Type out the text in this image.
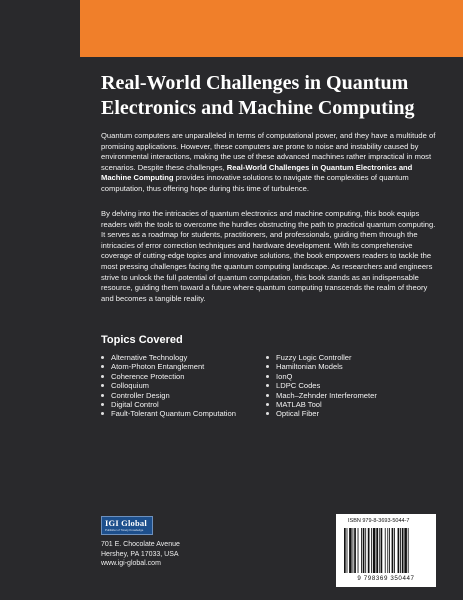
Real-World Challenges in Quantum
Electronics and Machine Computing

Quantum computers are unparalleled in terms of computational power, and they have a multitude of promising applications. However, these computers are prone to noise and instability caused by environmental interactions, making the use of these advanced machines rather impractical in most scenarios. Despite these challenges, Real-World Challenges in Quantum Electronics and Machine Computing provides innovative solutions to navigate the complexities of quantum computation, thus offering hope during this time of turbulence.

By delving into the intricacies of quantum electronics and machine computing, this book equips readers with the tools to overcome the hurdles obstructing the path to practical quantum computing. It serves as a roadmap for students, practitioners, and professionals, guiding them through the intricacies of error correction techniques and hardware development. With its comprehensive coverage of cutting-edge topics and innovative solutions, the book empowers readers to tackle the most pressing challenges facing the quantum computing landscape. As researchers and engineers strive to unlock the full potential of quantum computation, this book stands as an indispensable resource, guiding them toward a future where quantum computing transcends the realm of theory and becomes a tangible reality.

Topics Covered
Alternative Technology
Atom-Photon Entanglement
Coherence Protection
Colloquium
Controller Design
Digital Control
Fault-Tolerant Quantum Computation
Fuzzy Logic Controller
Hamiltonian Models
IonQ
LDPC Codes
Mach–Zehnder Interferometer
MATLAB Tool
Optical Fiber
IGI Global
Publisher of Timely Knowledge
701 E. Chocolate Avenue
Hershey, PA 17033, USA
www.igi-global.com
ISBN 979-8-3693-5044-7
9 798369 350447
